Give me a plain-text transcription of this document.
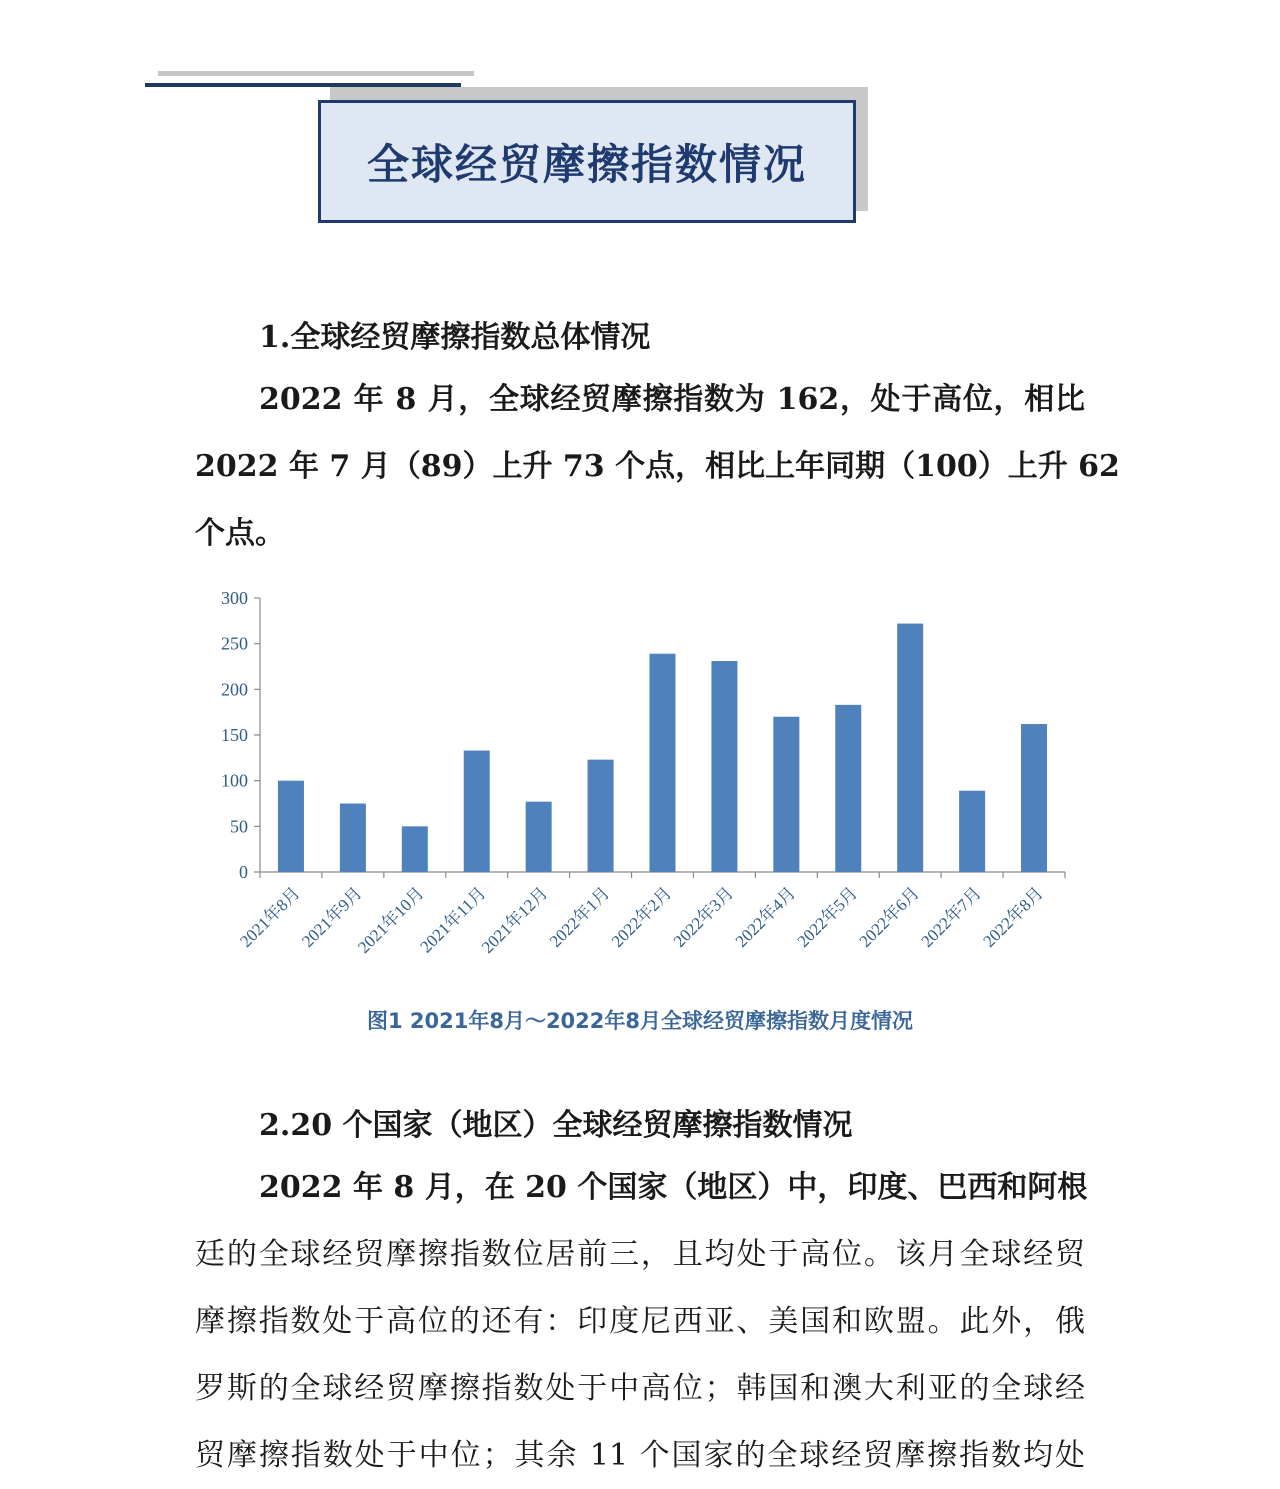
全球经贸摩擦指数情况
1.全球经贸摩擦指数总体情况
2022 年 8 月，全球经贸摩擦指数为 162，处于高位，相比
2022 年 7 月（89）上升 73 个点，相比上年同期（100）上升 62
个点。
0
50
100
150
200
250
300
2021年8月
2021年9月
2021年10月
2021年11月
2021年12月
2022年1月
2022年2月
2022年3月
2022年4月
2022年5月
2022年6月
2022年7月
2022年8月
图1 2021年8月～2022年8月全球经贸摩擦指数月度情况
2.20 个国家（地区）全球经贸摩擦指数情况
2022 年 8 月，在 20 个国家（地区）中，印度、巴西和阿根
廷的全球经贸摩擦指数位居前三，且均处于高位。该月全球经贸
摩擦指数处于高位的还有：印度尼西亚、美国和欧盟。此外，俄
罗斯的全球经贸摩擦指数处于中高位；韩国和澳大利亚的全球经
贸摩擦指数处于中位；其余 11 个国家的全球经贸摩擦指数均处
